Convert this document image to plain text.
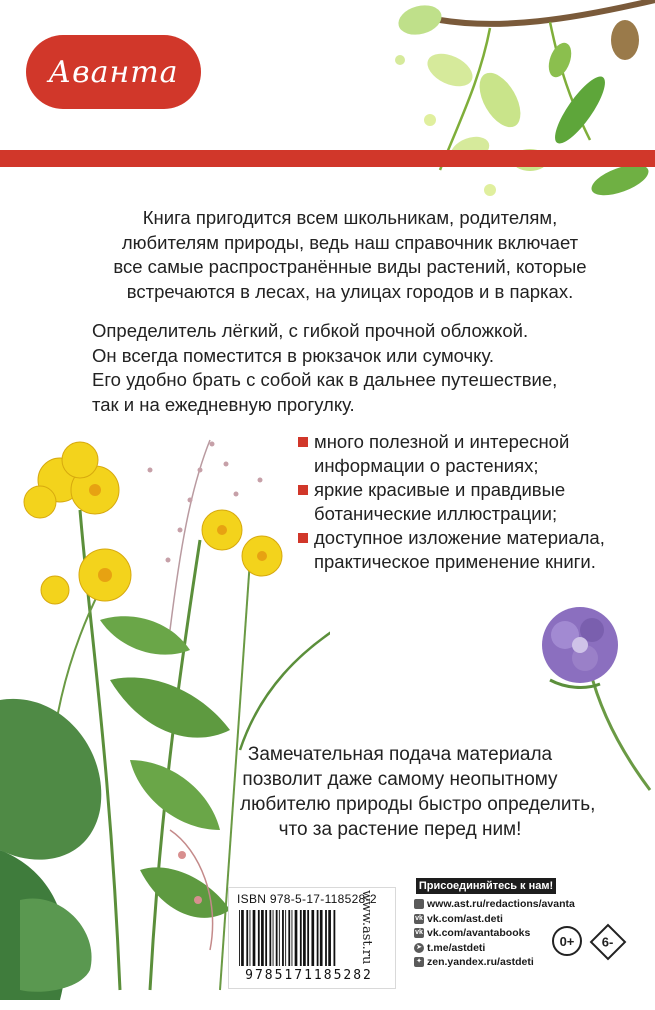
Аванта

Книга пригодится всем школьникам, родителям,
любителям природы, ведь наш справочник включает
все самые распространённые виды растений, которые
встречаются в лесах, на улицах городов и в парках.

Определитель лёгкий, с гибкой прочной обложкой.
Он всегда поместится в рюкзачок или сумочку.
Его удобно брать с собой как в дальнее путешествие,
так и на ежедневную прогулку.

много полезной и интересной
информации о растениях;
яркие красивые и правдивые
ботанические иллюстрации;
доступное изложение материала,
практическое применение книги.

Замечательная подача материала
позволит даже самому неопытному
любителю природы быстро определить,
что за растение перед ним!

ISBN 978-5-17-118528-2
9785171185282
www.ast.ru
Присоединяйтесь к нам!
www.ast.ru/redactions/avanta
vk vk.com/ast.deti
vk vk.com/avantabooks
➤ t.me/astdeti
✦ zen.yandex.ru/astdeti
0+	6-
